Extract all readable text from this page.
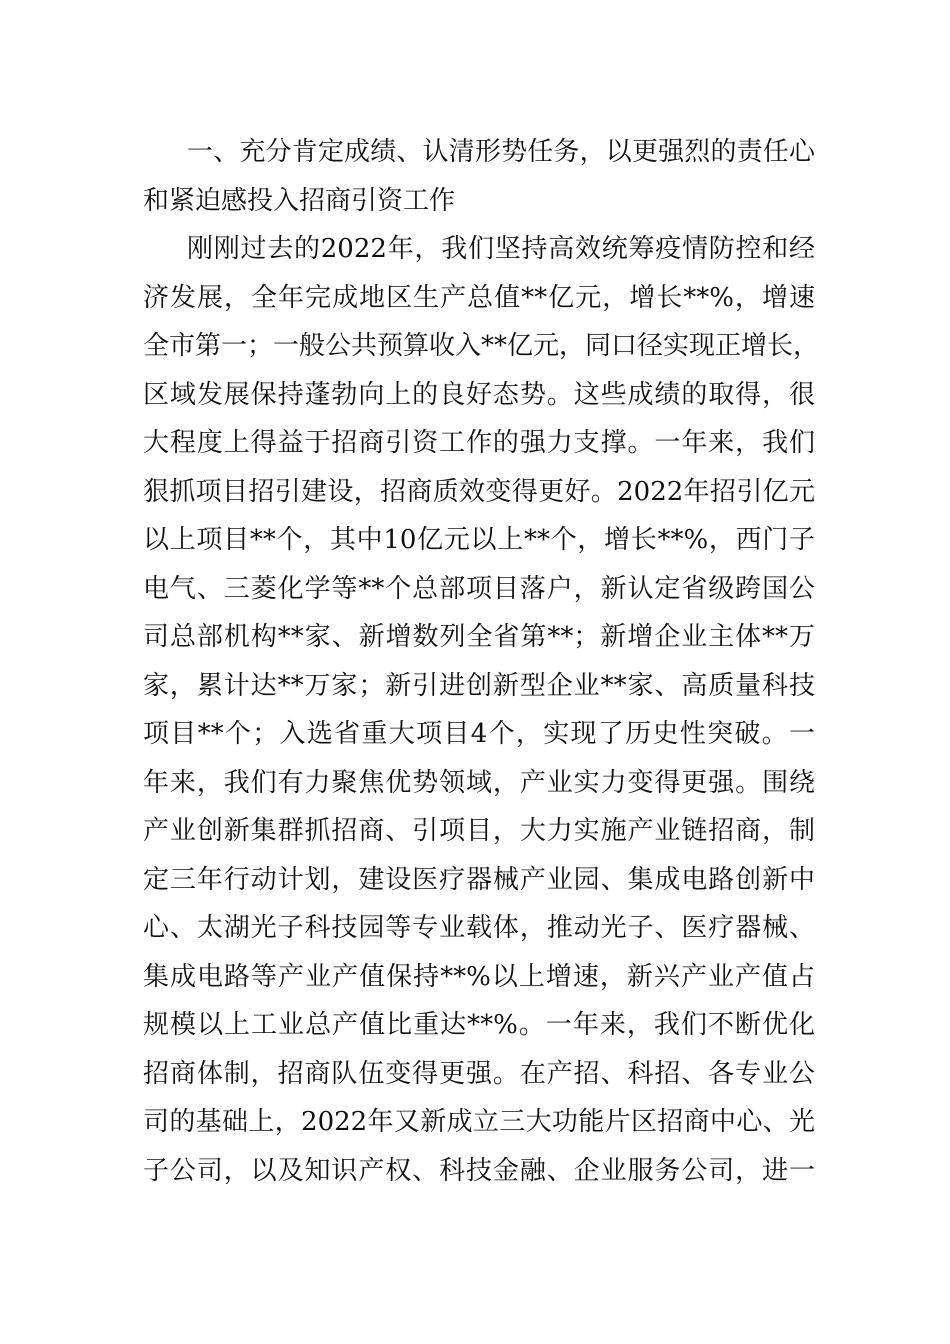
一、充分肯定成绩、认清形势任务，以更强烈的责任心
和紧迫感投入招商引资工作
刚刚过去的2022年，我们坚持高效统筹疫情防控和经
济发展，全年完成地区生产总值**亿元，增长**%，增速
全市第一；一般公共预算收入**亿元，同口径实现正增长，
区域发展保持蓬勃向上的良好态势。这些成绩的取得，很
大程度上得益于招商引资工作的强力支撑。一年来，我们
狠抓项目招引建设，招商质效变得更好。2022年招引亿元
以上项目**个，其中10亿元以上**个，增长**%，西门子
电气、三菱化学等**个总部项目落户，新认定省级跨国公
司总部机构**家、新增数列全省第**；新增企业主体**万
家，累计达**万家；新引进创新型企业**家、高质量科技
项目**个；入选省重大项目4个，实现了历史性突破。一
年来，我们有力聚焦优势领域，产业实力变得更强。围绕
产业创新集群抓招商、引项目，大力实施产业链招商，制
定三年行动计划，建设医疗器械产业园、集成电路创新中
心、太湖光子科技园等专业载体，推动光子、医疗器械、
集成电路等产业产值保持**%以上增速，新兴产业产值占
规模以上工业总产值比重达**%。一年来，我们不断优化
招商体制，招商队伍变得更强。在产招、科招、各专业公
司的基础上，2022年又新成立三大功能片区招商中心、光
子公司，以及知识产权、科技金融、企业服务公司，进一
